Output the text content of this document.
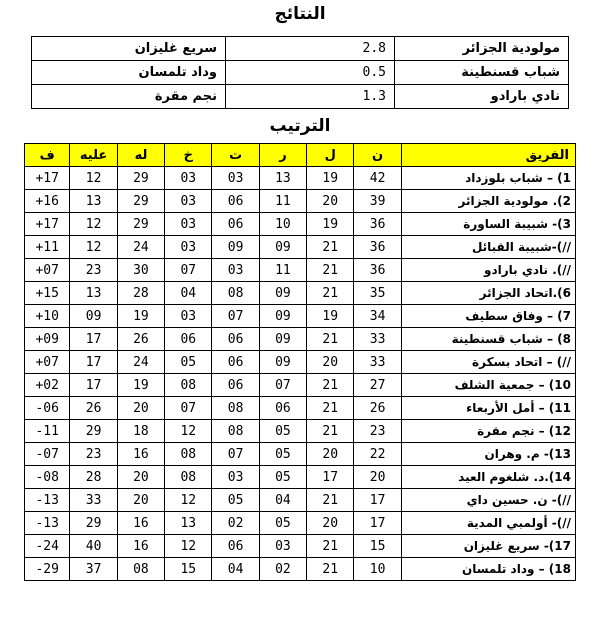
النتائج
مولودية الجزائر	2.8	سريع غليزان
شباب قسنطينة	0.5	وداد تلمسان
نادي بارادو	1.3	نجم مقرة
الترتيب
الفريق	ن	ل	ر	ت	خ	له	عليه	ف
1) – شباب بلوزداد	42	19	13	03	03	29	12	+17
2). مولودية الجزائر	39	20	11	06	03	29	13	+16
3)- شبيبة الساورة	36	19	10	06	03	29	12	+17
//)-شبيبة القبائل	36	21	09	09	03	24	12	+11
//). نادي بارادو	36	21	11	03	07	30	23	+07
6).اتحاد الجزائر	35	21	09	08	04	28	13	+15
7) – وفاق سطيف	34	19	09	07	03	19	09	+10
8) – شباب قسنطينة	33	21	09	06	06	26	17	+09
//) – اتحاد بسكرة	33	20	09	06	05	24	17	+07
10) – جمعية الشلف	27	21	07	06	08	19	17	+02
11) – أمل الأربعاء	26	21	06	08	07	20	26	-06
12) – نجم مقرة	23	21	05	08	12	18	29	-11
13)- م. وهران	22	20	05	07	08	16	23	-07
14).د. شلغوم العيد	20	17	05	03	08	20	28	-08
//)- ن. حسين داي	17	21	04	05	12	20	33	-13
//)- أولمبي المدية	17	20	05	02	13	16	29	-13
17)- سريع غليزان	15	21	03	06	12	16	40	-24
18) – وداد تلمسان	10	21	02	04	15	08	37	-29
